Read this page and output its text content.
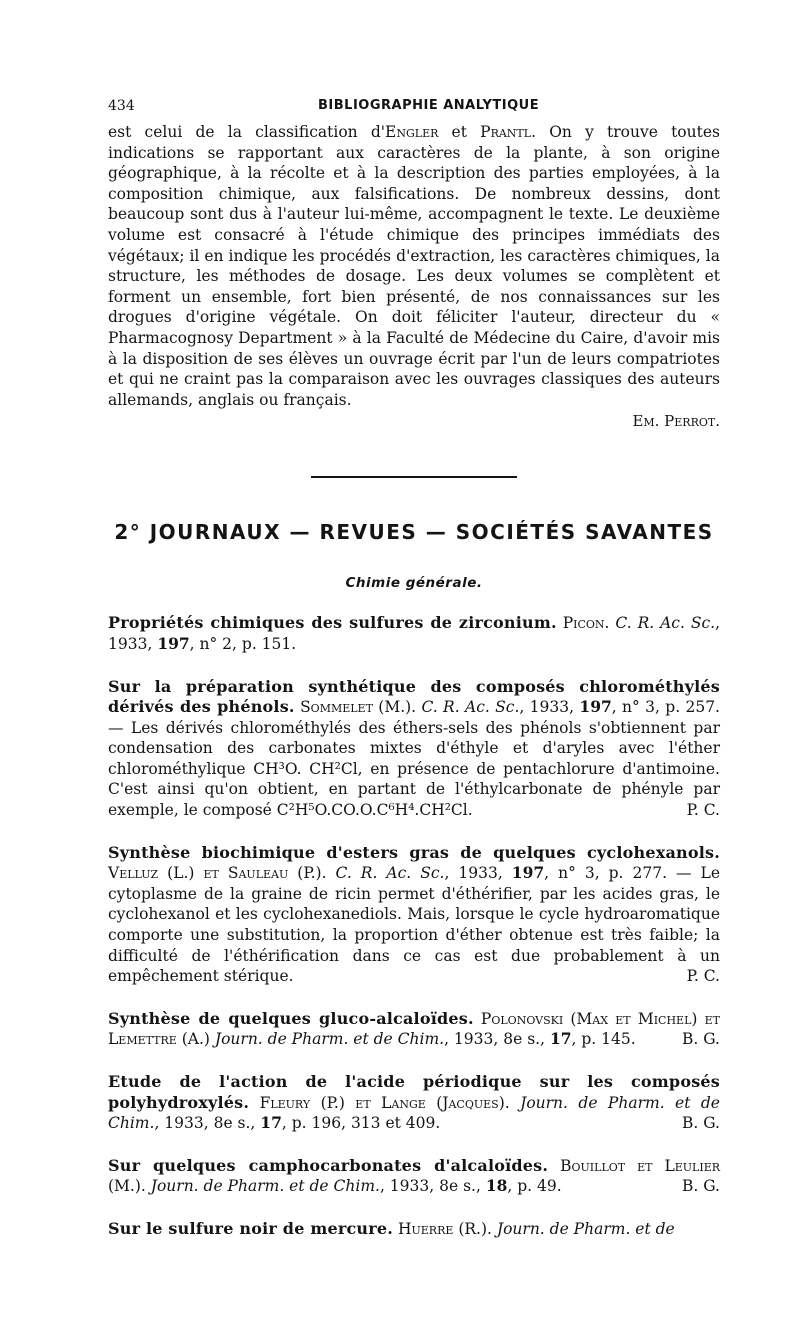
434	BIBLIOGRAPHIE ANALYTIQUE

est celui de la classification d'Engler et Prantl. On y trouve toutes indications se rapportant aux caractères de la plante, à son origine géographique, à la récolte et à la description des parties employées, à la composition chimique, aux falsifications. De nombreux dessins, dont beaucoup sont dus à l'auteur lui-même, accompagnent le texte. Le deuxième volume est consacré à l'étude chimique des principes immédiats des végétaux; il en indique les procédés d'extraction, les caractères chimiques, la structure, les méthodes de dosage. Les deux volumes se complètent et forment un ensemble, fort bien présenté, de nos connaissances sur les drogues d'origine végétale. On doit féliciter l'auteur, directeur du « Pharmacognosy Department » à la Faculté de Médecine du Caire, d'avoir mis à la disposition de ses élèves un ouvrage écrit par l'un de leurs compatriotes et qui ne craint pas la comparaison avec les ouvrages classiques des auteurs allemands, anglais ou français.

Em. Perrot.
2° JOURNAUX — REVUES — SOCIÉTÉS SAVANTES
Chimie générale.

Propriétés chimiques des sulfures de zirconium. Picon. C. R. Ac. Sc., 1933, 197, n° 2, p. 151.

Sur la préparation synthétique des composés chlorométhylés dérivés des phénols. Sommelet (M.). C. R. Ac. Sc., 1933, 197, n° 3, p. 257. — Les dérivés chlorométhylés des éthers-sels des phénols s'obtiennent par condensation des carbonates mixtes d'éthyle et d'aryles avec l'éther chlorométhylique CH³O. CH²Cl, en présence de pentachlorure d'antimoine. C'est ainsi qu'on obtient, en partant de l'éthylcarbonate de phényle par exemple, le composé C²H⁵O.CO.O.C⁶H⁴.CH²Cl.	P. C.

Synthèse biochimique d'esters gras de quelques cyclohexanols. Velluz (L.) et Sauleau (P.). C. R. Ac. Sc., 1933, 197, n° 3, p. 277. — Le cytoplasme de la graine de ricin permet d'éthérifier, par les acides gras, le cyclohexanol et les cyclohexanediols. Mais, lorsque le cycle hydroaromatique comporte une substitution, la proportion d'éther obtenue est très faible; la difficulté de l'éthérification dans ce cas est due probablement à un empêchement stérique.	P. C.

Synthèse de quelques gluco-alcaloïdes. Polonovski (Max et Michel) et Lemettre (A.) Journ. de Pharm. et de Chim., 1933, 8e s., 17, p. 145.	B. G.

Etude de l'action de l'acide périodique sur les composés polyhydroxylés. Fleury (P.) et Lange (Jacques). Journ. de Pharm. et de Chim., 1933, 8e s., 17, p. 196, 313 et 409.	B. G.

Sur quelques camphocarbonates d'alcaloïdes. Bouillot et Leulier (M.). Journ. de Pharm. et de Chim., 1933, 8e s., 18, p. 49.	B. G.

Sur le sulfure noir de mercure. Huerre (R.). Journ. de Pharm. et de
